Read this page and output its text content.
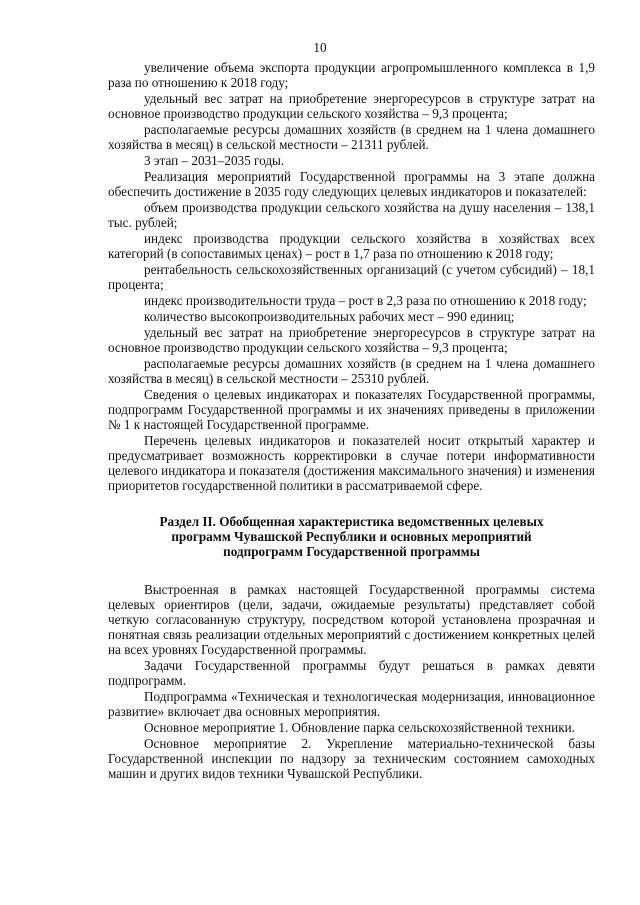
10

увеличение объема экспорта продукции агропромышленного комплекса в 1,9 раза по отношению к 2018 году;

удельный вес затрат на приобретение энергоресурсов в структуре затрат на основное производство продукции сельского хозяйства – 9,3 процента;

располагаемые ресурсы домашних хозяйств (в среднем на 1 члена домашнего хозяйства в месяц) в сельской местности – 21311 рублей.

3 этап – 2031–2035 годы.

Реализация мероприятий Государственной программы на 3 этапе должна обеспечить достижение в 2035 году следующих целевых индикаторов и показателей:

объем производства продукции сельского хозяйства на душу населения – 138,1 тыс. рублей;

индекс производства продукции сельского хозяйства в хозяйствах всех категорий (в сопоставимых ценах) – рост в 1,7 раза по отношению к 2018 году;

рентабельность сельскохозяйственных организаций (с учетом субсидий) – 18,1 процента;

индекс производительности труда – рост в 2,3 раза по отношению к 2018 году;

количество высокопроизводительных рабочих мест – 990 единиц;

удельный вес затрат на приобретение энергоресурсов в структуре затрат на основное производство продукции сельского хозяйства – 9,3 процента;

располагаемые ресурсы домашних хозяйств (в среднем на 1 члена домашнего хозяйства в месяц) в сельской местности – 25310 рублей.

Сведения о целевых индикаторах и показателях Государственной программы, подпрограмм Государственной программы и их значениях приведены в приложении № 1 к настоящей Государственной программе.

Перечень целевых индикаторов и показателей носит открытый характер и предусматривает возможность корректировки в случае потери информативности целевого индикатора и показателя (достижения максимального значения) и изменения приоритетов государственной политики в рассматриваемой сфере.

Раздел II. Обобщенная характеристика ведомственных целевых

программ Чувашской Республики и основных мероприятий

подпрограмм Государственной программы

Выстроенная в рамках настоящей Государственной программы система целевых ориентиров (цели, задачи, ожидаемые результаты) представляет собой четкую согласованную структуру, посредством которой установлена прозрачная и понятная связь реализации отдельных мероприятий с достижением конкретных целей на всех уровнях Государственной программы.

Задачи Государственной программы будут решаться в рамках девяти подпрограмм.

Подпрограмма «Техническая и технологическая модернизация, инновационное развитие» включает два основных мероприятия.

Основное мероприятие 1. Обновление парка сельскохозяйственной техники.

Основное мероприятие 2. Укрепление материально-технической базы Государственной инспекции по надзору за техническим состоянием самоходных машин и других видов техники Чувашской Республики.
